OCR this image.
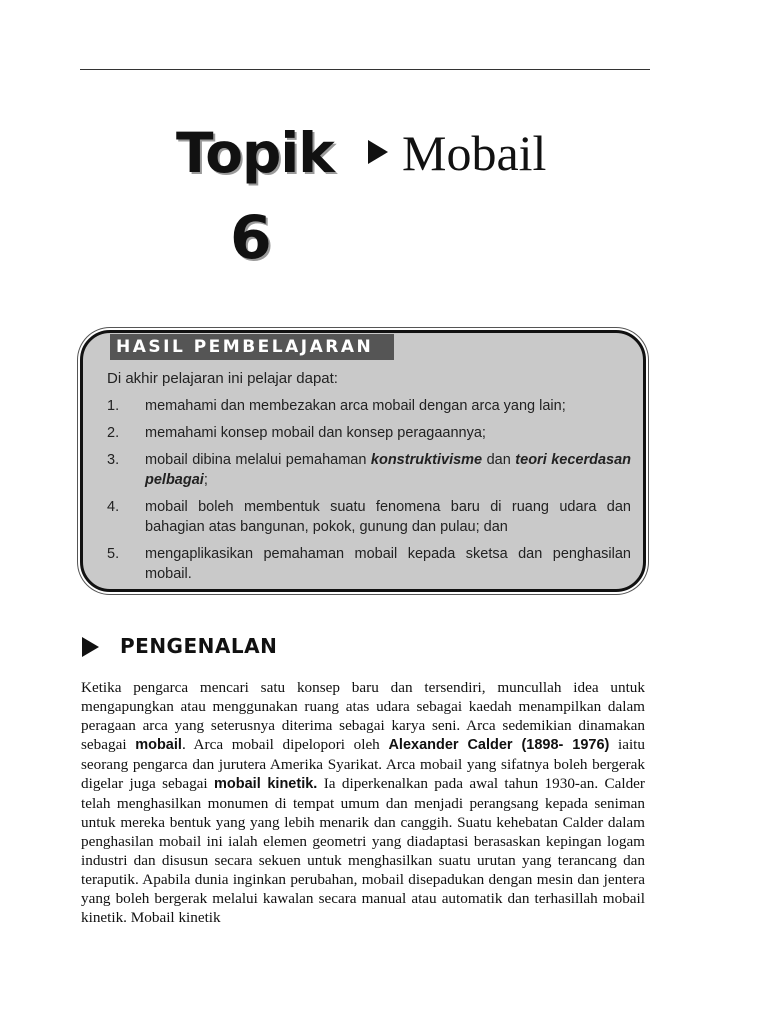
Topik
6
Mobail
HASIL PEMBELAJARAN
Di akhir pelajaran ini pelajar dapat:
1.	memahami dan membezakan arca mobail dengan arca yang lain;
2.	memahami konsep mobail dan konsep peragaannya;
3.	mobail dibina melalui pemahaman konstruktivisme dan teori kecerdasan pelbagai;
4.	mobail boleh membentuk suatu fenomena baru di ruang udara dan bahagian atas bangunan, pokok, gunung dan pulau; dan
5.	mengaplikasikan pemahaman mobail kepada sketsa dan penghasilan mobail.
PENGENALAN

Ketika pengarca mencari satu konsep baru dan tersendiri, muncullah idea untuk mengapungkan atau menggunakan ruang atas udara sebagai kaedah menampilkan dalam peragaan arca yang seterusnya diterima sebagai karya seni. Arca sedemikian dinamakan sebagai mobail. Arca mobail dipelopori oleh Alexander Calder (1898- 1976) iaitu seorang pengarca dan jurutera Amerika Syarikat. Arca mobail yang sifatnya boleh bergerak digelar juga sebagai mobail kinetik. Ia diperkenalkan pada awal tahun 1930-an. Calder telah menghasilkan monumen di tempat umum dan menjadi perangsang kepada seniman untuk mereka bentuk yang yang lebih menarik dan canggih. Suatu kehebatan Calder dalam penghasilan mobail ini ialah elemen geometri yang diadaptasi berasaskan kepingan logam industri dan disusun secara sekuen untuk menghasilkan suatu urutan yang terancang dan teraputik. Apabila dunia inginkan perubahan, mobail disepadukan dengan mesin dan jentera yang boleh bergerak melalui kawalan secara manual atau automatik dan terhasillah mobail kinetik. Mobail kinetik
